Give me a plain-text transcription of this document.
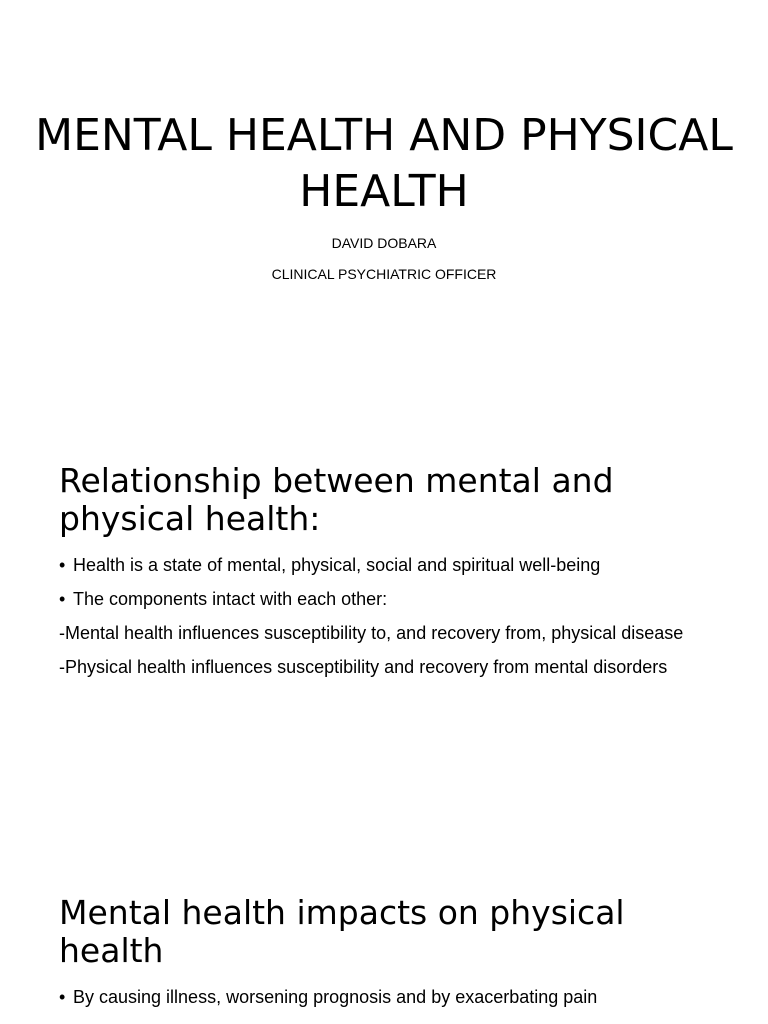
MENTAL HEALTH AND PHYSICAL HEALTH

DAVID DOBARA

CLINICAL PSYCHIATRIC OFFICER

Relationship between mental and physical health:
• Health is a state of mental, physical, social and spiritual well-being
• The components intact with each other:
-Mental health influences susceptibility to, and recovery from, physical disease
-Physical health influences susceptibility and recovery from mental disorders
Mental health impacts on physical health
• By causing illness, worsening prognosis and by exacerbating pain
